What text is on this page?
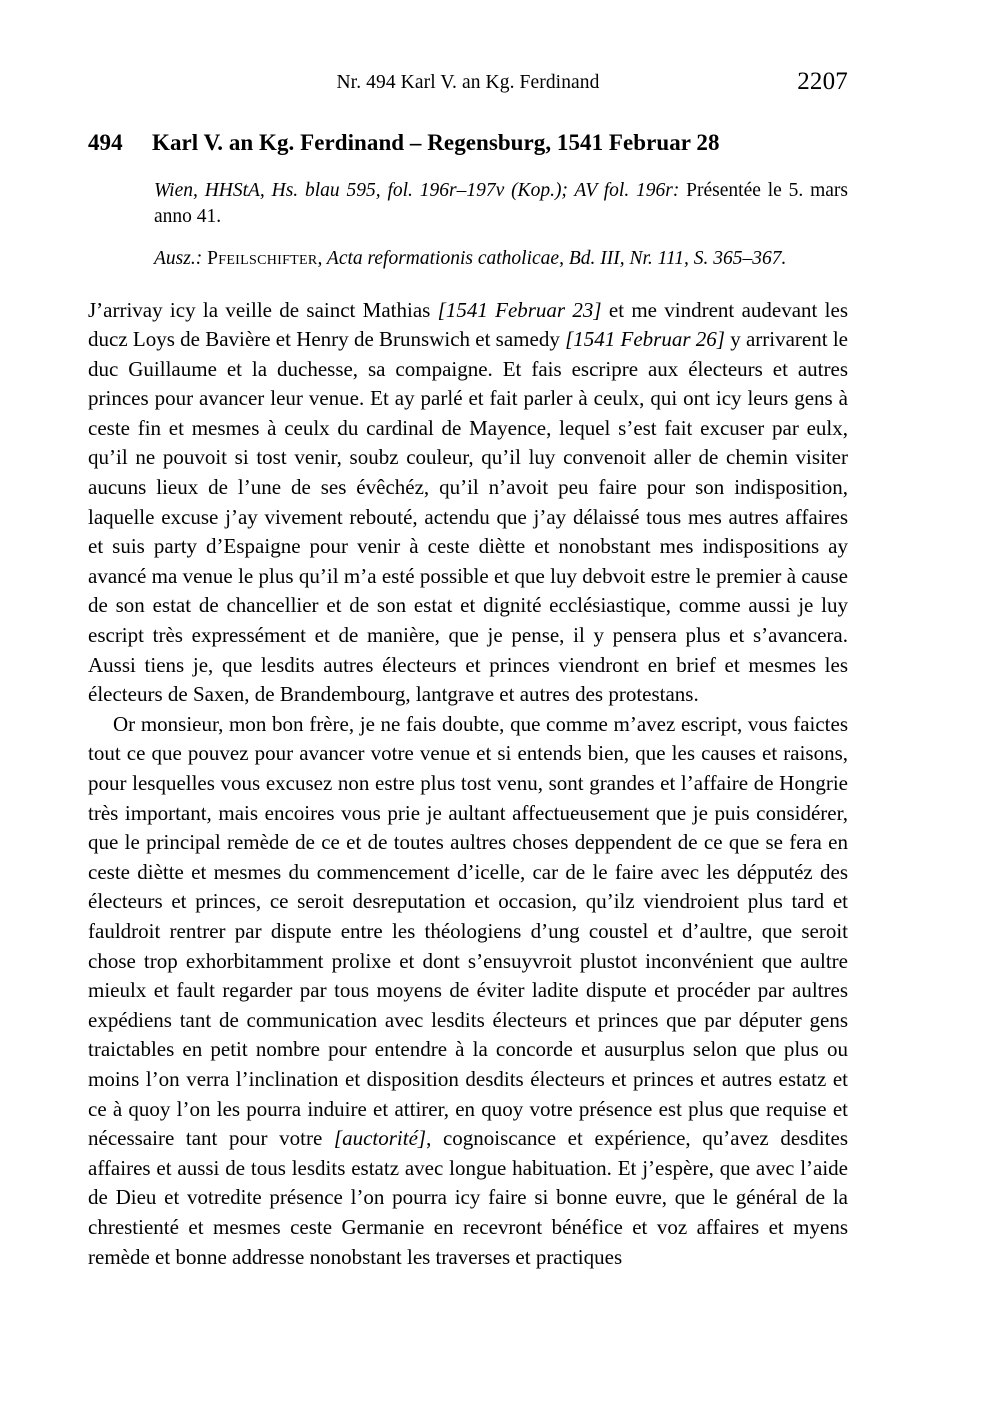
Nr. 494 Karl V. an Kg. Ferdinand	2207
494	Karl V. an Kg. Ferdinand – Regensburg, 1541 Februar 28
Wien, HHStA, Hs. blau 595, fol. 196r–197v (Kop.); AV fol. 196r: Présentée le 5. mars anno 41.
Ausz.: Pfeilschifter, Acta reformationis catholicae, Bd. III, Nr. 111, S. 365–367.

J’arrivay icy la veille de sainct Mathias [1541 Februar 23] et me vindrent audevant les ducz Loys de Bavière et Henry de Brunswich et samedy [1541 Februar 26] y arrivarent le duc Guillaume et la duchesse, sa compaigne. Et fais escripre aux électeurs et autres princes pour avancer leur venue. Et ay parlé et fait parler à ceulx, qui ont icy leurs gens à ceste fin et mesmes à ceulx du cardinal de Mayence, lequel s’est fait excuser par eulx, qu’il ne pouvoit si tost venir, soubz couleur, qu’il luy convenoit aller de chemin visiter aucuns lieux de l’une de ses évêchéz, qu’il n’avoit peu faire pour son indisposition, laquelle excuse j’ay vivement rebouté, actendu que j’ay délaissé tous mes autres affaires et suis party d’Espaigne pour venir à ceste diètte et nonobstant mes indispositions ay avancé ma venue le plus qu’il m’a esté possible et que luy debvoit estre le premier à cause de son estat de chancellier et de son estat et dignité ecclésiastique, comme aussi je luy escript très expressément et de manière, que je pense, il y pensera plus et s’avancera. Aussi tiens je, que lesdits autres électeurs et princes viendront en brief et mesmes les électeurs de Saxen, de Brandembourg, lantgrave et autres des protestans.

Or monsieur, mon bon frère, je ne fais doubte, que comme m’avez escript, vous faictes tout ce que pouvez pour avancer votre venue et si entends bien, que les causes et raisons, pour lesquelles vous excusez non estre plus tost venu, sont grandes et l’affaire de Hongrie très important, mais encoires vous prie je aultant affectueusement que je puis considérer, que le principal remède de ce et de toutes aultres choses deppendent de ce que se fera en ceste diètte et mesmes du commencement d’icelle, car de le faire avec les dépputéz des électeurs et princes, ce seroit desreputation et occasion, qu’ilz viendroient plus tard et fauldroit rentrer par dispute entre les théologiens d’ung coustel et d’aultre, que seroit chose trop exhorbitamment prolixe et dont s’ensuyvroit plustot inconvénient que aultre mieulx et fault regarder par tous moyens de éviter ladite dispute et procéder par aultres expédiens tant de communication avec lesdits électeurs et princes que par députer gens traictables en petit nombre pour entendre à la concorde et ausurplus selon que plus ou moins l’on verra l’inclination et disposition desdits électeurs et princes et autres estatz et ce à quoy l’on les pourra induire et attirer, en quoy votre présence est plus que requise et nécessaire tant pour votre [auctorité], cognoiscance et expérience, qu’avez desdites affaires et aussi de tous lesdits estatz avec longue habituation. Et j’espère, que avec l’aide de Dieu et votredite présence l’on pourra icy faire si bonne euvre, que le général de la chrestienté et mesmes ceste Germanie en recevront bénéfice et voz affaires et myens remède et bonne addresse nonobstant les traverses et practiques
